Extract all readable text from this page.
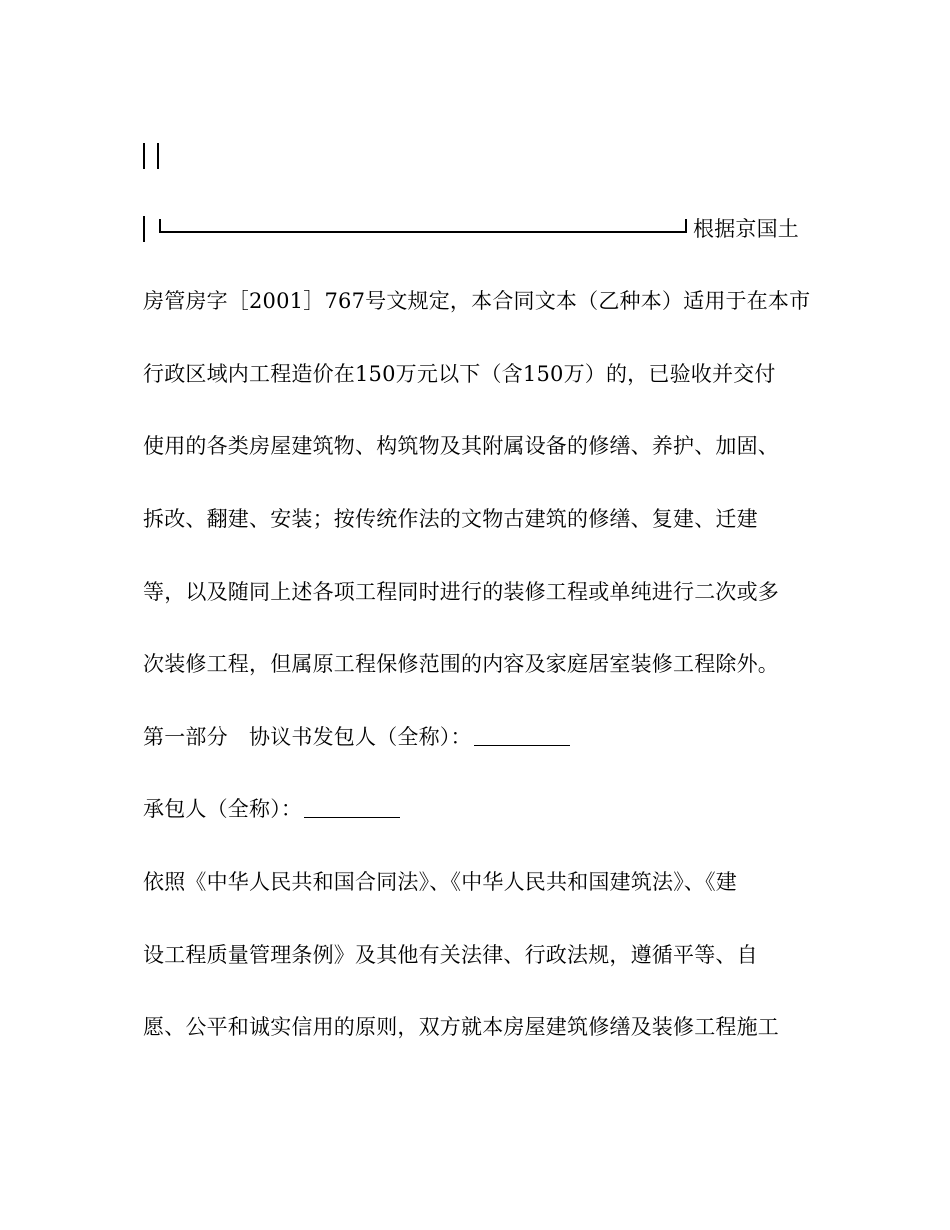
根据京国土
房管房字［2001］767号文规定，本合同文本（乙种本）适用于在本市
行政区域内工程造价在150万元以下（含150万）的，已验收并交付
使用的各类房屋建筑物、构筑物及其附属设备的修缮、养护、加固、
拆改、翻建、安装；按传统作法的文物古建筑的修缮、复建、迁建
等，以及随同上述各项工程同时进行的装修工程或单纯进行二次或多
次装修工程，但属原工程保修范围的内容及家庭居室装修工程除外。
第一部分　协议书发包人（全称）：
承包人（全称）：
依照《中华人民共和国合同法》、《中华人民共和国建筑法》、《建
设工程质量管理条例》及其他有关法律、行政法规，遵循平等、自
愿、公平和诚实信用的原则，双方就本房屋建筑修缮及装修工程施工
